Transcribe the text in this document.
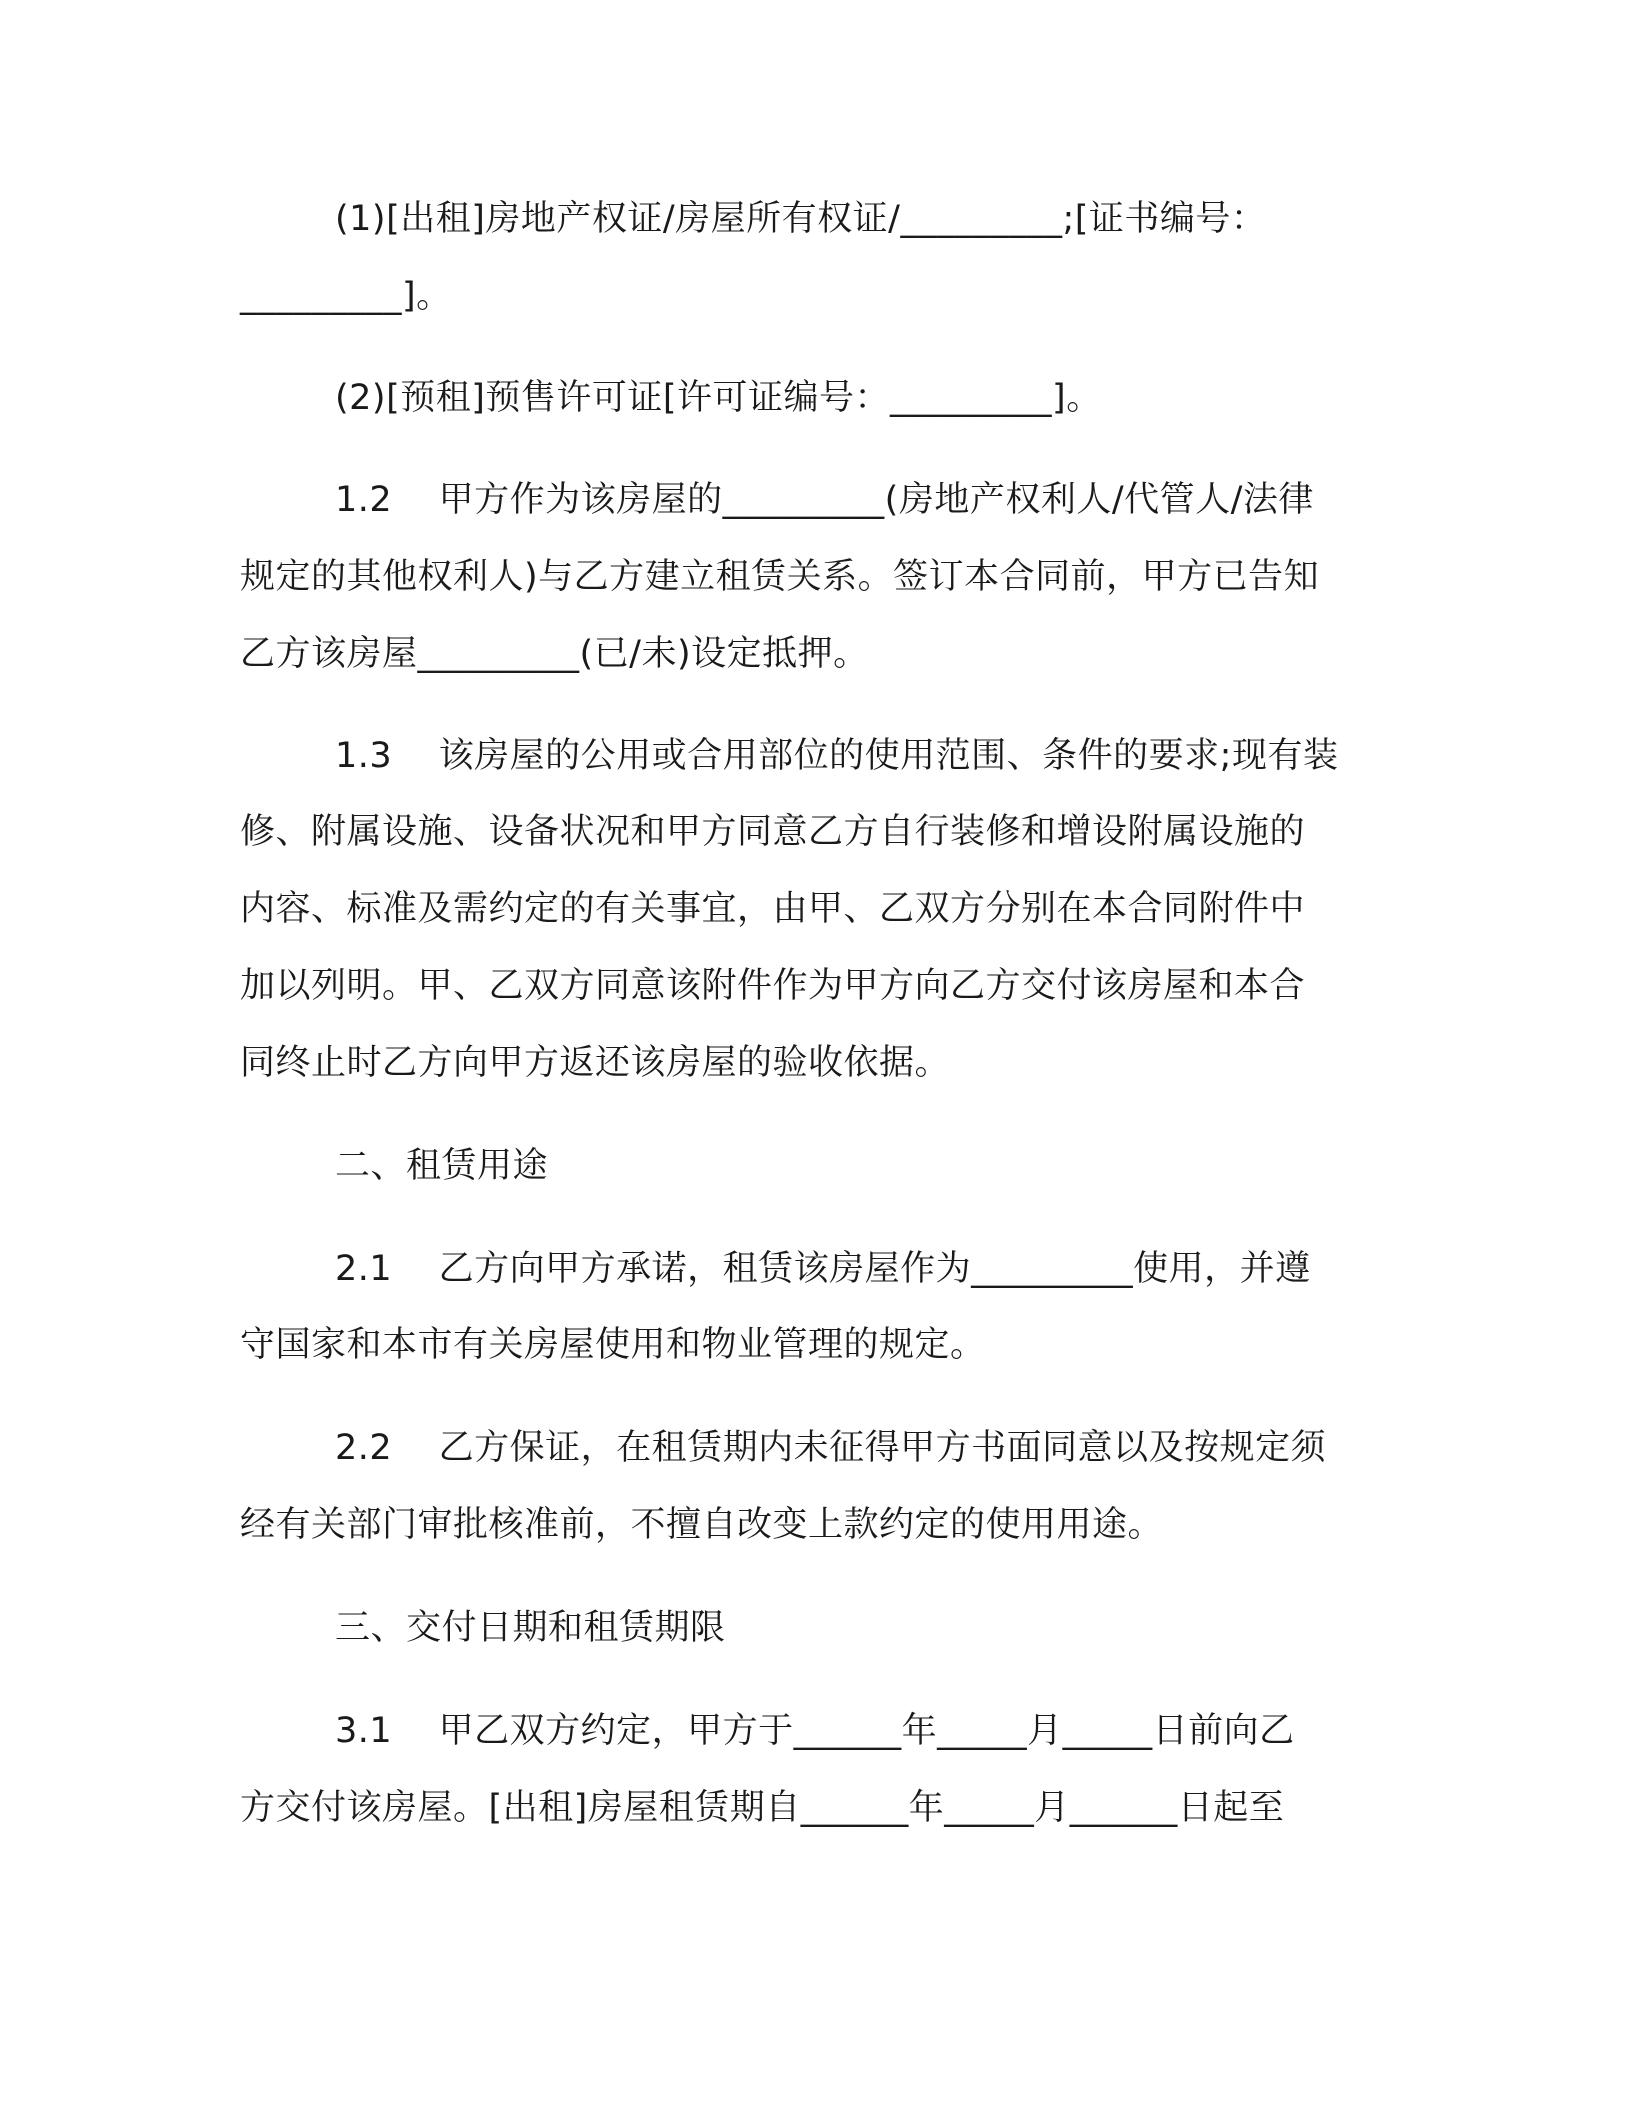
(1)[出租]房地产权证/房屋所有权证/_________;[证书编号：
_________]。
(2)[预租]预售许可证[许可证编号：_________]。
1.2    甲方作为该房屋的_________(房地产权利人/代管人/法律
规定的其他权利人)与乙方建立租赁关系。签订本合同前，甲方已告知
乙方该房屋_________(已/未)设定抵押。
1.3    该房屋的公用或合用部位的使用范围、条件的要求;现有装
修、附属设施、设备状况和甲方同意乙方自行装修和增设附属设施的
内容、标准及需约定的有关事宜，由甲、乙双方分别在本合同附件中
加以列明。甲、乙双方同意该附件作为甲方向乙方交付该房屋和本合
同终止时乙方向甲方返还该房屋的验收依据。
二、租赁用途
2.1    乙方向甲方承诺，租赁该房屋作为_________使用，并遵
守国家和本市有关房屋使用和物业管理的规定。
2.2    乙方保证，在租赁期内未征得甲方书面同意以及按规定须
经有关部门审批核准前，不擅自改变上款约定的使用用途。
三、交付日期和租赁期限
3.1    甲乙双方约定，甲方于______年_____月_____日前向乙
方交付该房屋。[出租]房屋租赁期自______年_____月______日起至
